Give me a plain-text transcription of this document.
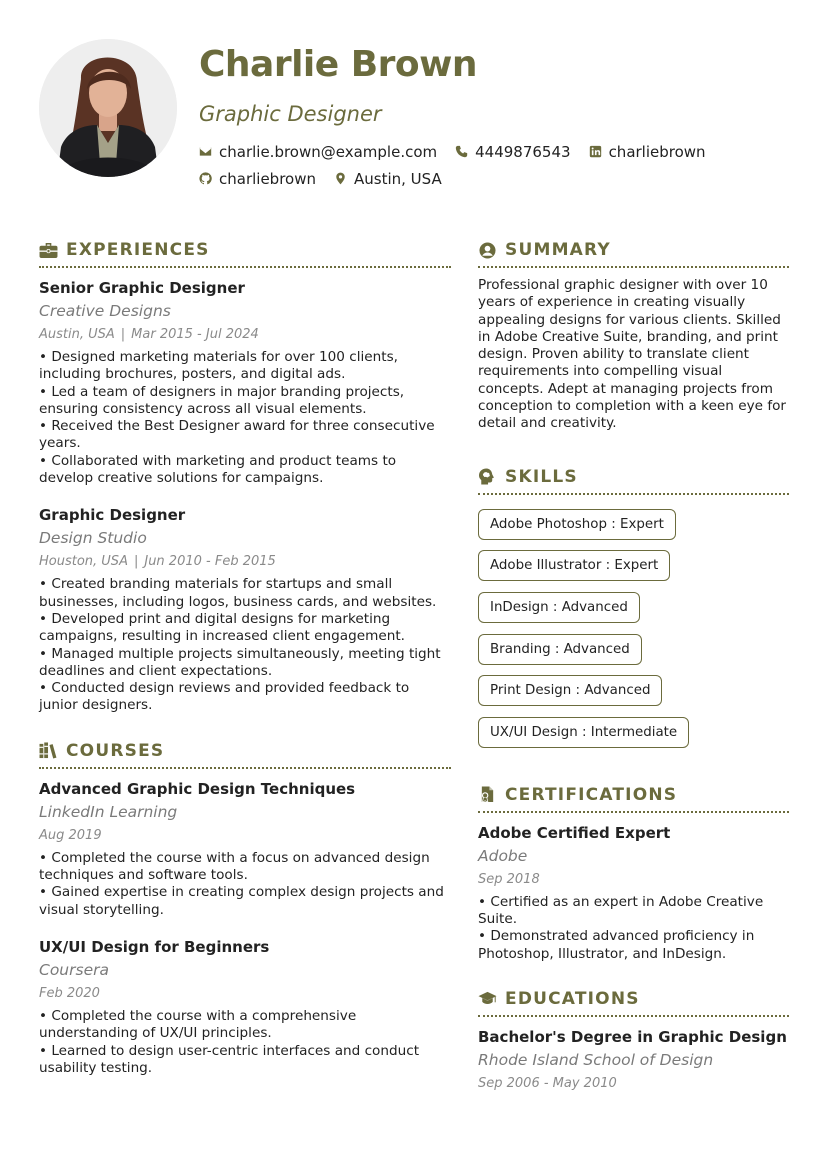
Charlie Brown
Graphic Designer
charlie.brown@example.com	4449876543	charliebrown
charliebrown	Austin, USA
EXPERIENCES
Senior Graphic Designer
Creative Designs
Austin, USA | Mar 2015 - Jul 2024
• Designed marketing materials for over 100 clients, including brochures, posters, and digital ads.
• Led a team of designers in major branding projects, ensuring consistency across all visual elements.
• Received the Best Designer award for three consecutive years.
• Collaborated with marketing and product teams to develop creative solutions for campaigns.
Graphic Designer
Design Studio
Houston, USA | Jun 2010 - Feb 2015
• Created branding materials for startups and small businesses, including logos, business cards, and websites.
• Developed print and digital designs for marketing campaigns, resulting in increased client engagement.
• Managed multiple projects simultaneously, meeting tight deadlines and client expectations.
• Conducted design reviews and provided feedback to junior designers.
COURSES
Advanced Graphic Design Techniques
LinkedIn Learning
Aug 2019
• Completed the course with a focus on advanced design techniques and software tools.
• Gained expertise in creating complex design projects and visual storytelling.
UX/UI Design for Beginners
Coursera
Feb 2020
• Completed the course with a comprehensive understanding of UX/UI principles.
• Learned to design user-centric interfaces and conduct usability testing.
SUMMARY
Professional graphic designer with over 10 years of experience in creating visually appealing designs for various clients. Skilled in Adobe Creative Suite, branding, and print design. Proven ability to translate client requirements into compelling visual concepts. Adept at managing projects from conception to completion with a keen eye for detail and creativity.
SKILLS
Adobe Photoshop : Expert
Adobe Illustrator : Expert
InDesign : Advanced
Branding : Advanced
Print Design : Advanced
UX/UI Design : Intermediate
CERTIFICATIONS
Adobe Certified Expert
Adobe
Sep 2018
• Certified as an expert in Adobe Creative Suite.
• Demonstrated advanced proficiency in Photoshop, Illustrator, and InDesign.
EDUCATIONS
Bachelor's Degree in Graphic Design
Rhode Island School of Design
Sep 2006 - May 2010
